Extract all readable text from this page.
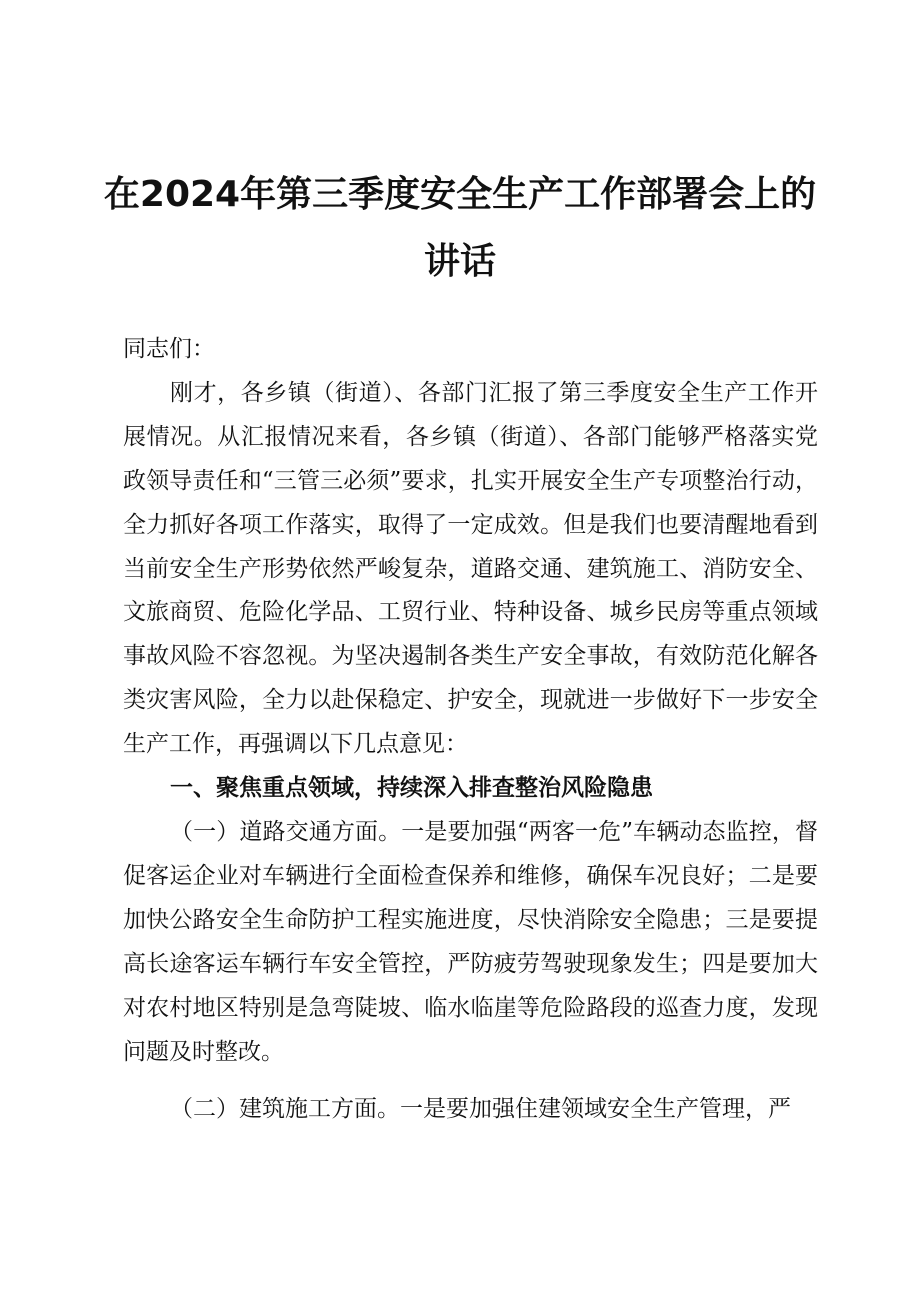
在2024年第三季度安全生产工作部署会上的
讲话

同志们：

刚才，各乡镇（街道）、各部门汇报了第三季度安全生产工作开展情况。从汇报情况来看，各乡镇（街道）、各部门能够严格落实党政领导责任和“三管三必须”要求，扎实开展安全生产专项整治行动，全力抓好各项工作落实，取得了一定成效。但是我们也要清醒地看到当前安全生产形势依然严峻复杂，道路交通、建筑施工、消防安全、文旅商贸、危险化学品、工贸行业、特种设备、城乡民房等重点领域事故风险不容忽视。为坚决遏制各类生产安全事故，有效防范化解各类灾害风险，全力以赴保稳定、护安全，现就进一步做好下一步安全生产工作，再强调以下几点意见：

一、聚焦重点领域，持续深入排查整治风险隐患

（一）道路交通方面。一是要加强“两客一危”车辆动态监控，督促客运企业对车辆进行全面检查保养和维修，确保车况良好；二是要加快公路安全生命防护工程实施进度，尽快消除安全隐患；三是要提高长途客运车辆行车安全管控，严防疲劳驾驶现象发生；四是要加大对农村地区特别是急弯陡坡、临水临崖等危险路段的巡查力度，发现问题及时整改。

（二）建筑施工方面。一是要加强住建领域安全生产管理，严
